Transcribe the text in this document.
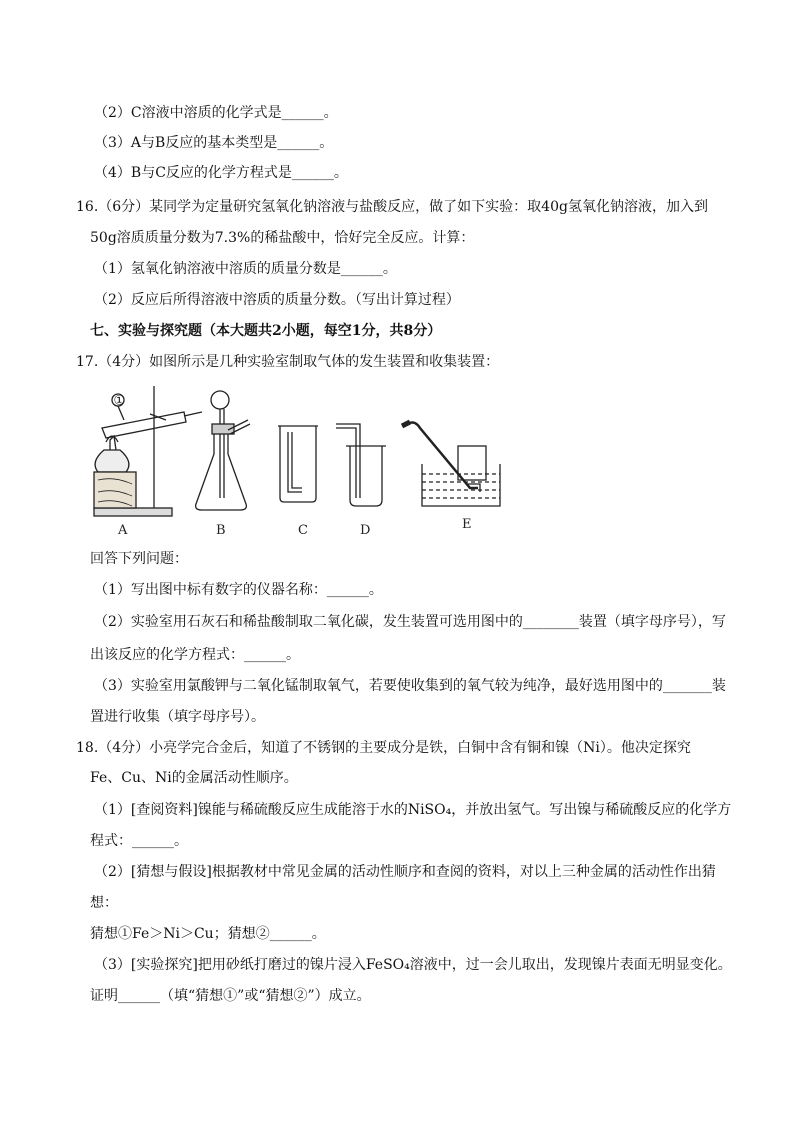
（2）C溶液中溶质的化学式是______。
（3）A与B反应的基本类型是______。
（4）B与C反应的化学方程式是______。
16.（6分）某同学为定量研究氢氧化钠溶液与盐酸反应，做了如下实验：取40g氢氧化钠溶液，加入到
50g溶质质量分数为7.3%的稀盐酸中，恰好完全反应。计算：
（1）氢氧化钠溶液中溶质的质量分数是______。
（2）反应后所得溶液中溶质的质量分数。（写出计算过程）
七、实验与探究题（本大题共2小题，每空1分，共8分）
17.（4分）如图所示是几种实验室制取气体的发生装置和收集装置：
①
A	B	C	D	E
回答下列问题：
（1）写出图中标有数字的仪器名称：______。
（2）实验室用石灰石和稀盐酸制取二氧化碳，发生装置可选用图中的________装置（填字母序号），写
出该反应的化学方程式：______。
（3）实验室用氯酸钾与二氧化锰制取氧气，若要使收集到的氧气较为纯净，最好选用图中的_______装
置进行收集（填字母序号）。
18.（4分）小亮学完合金后，知道了不锈钢的主要成分是铁，白铜中含有铜和镍（Ni）。他决定探究
Fe、Cu、Ni的金属活动性顺序。
（1）[查阅资料]镍能与稀硫酸反应生成能溶于水的NiSO₄，并放出氢气。写出镍与稀硫酸反应的化学方
程式：______。
（2）[猜想与假设]根据教材中常见金属的活动性顺序和查阅的资料，对以上三种金属的活动性作出猜
想：
猜想①Fe＞Ni＞Cu；猜想②______。
（3）[实验探究]把用砂纸打磨过的镍片浸入FeSO₄溶液中，过一会儿取出，发现镍片表面无明显变化。
证明______（填“猜想①”或“猜想②”）成立。
